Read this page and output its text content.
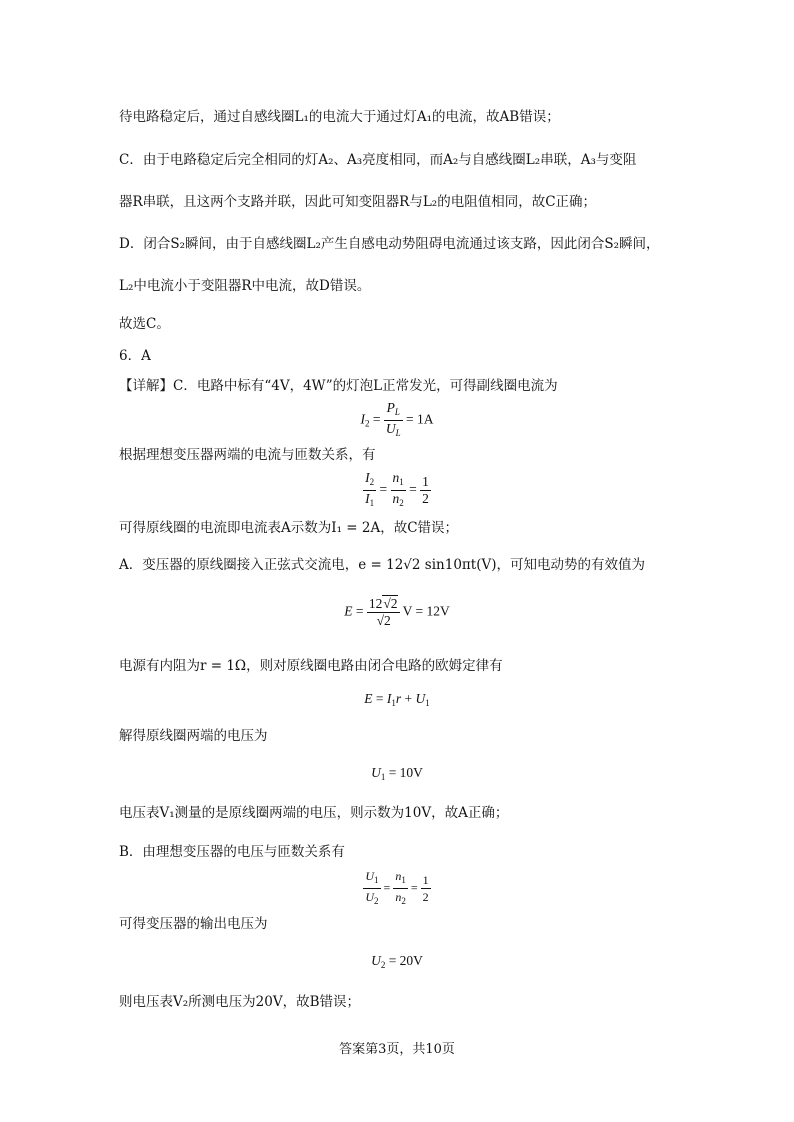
待电路稳定后，通过自感线圈L₁的电流大于通过灯A₁的电流，故AB错误；
C．由于电路稳定后完全相同的灯A₂、A₃亮度相同，而A₂与自感线圈L₂串联，A₃与变阻
器R串联，且这两个支路并联，因此可知变阻器R与L₂的电阻值相同，故C正确；
D．闭合S₂瞬间，由于自感线圈L₂产生自感电动势阻碍电流通过该支路，因此闭合S₂瞬间，
L₂中电流小于变阻器R中电流，故D错误。
故选C。
6．A
【详解】C．电路中标有“4V，4W”的灯泡L正常发光，可得副线圈电流为
$I_2 = \frac{P_L}{U_L} = 1A$
根据理想变压器两端的电流与匝数关系，有
$\frac{I_2}{I_1} = \frac{n_1}{n_2} = \frac{1}{2}$
可得原线圈的电流即电流表A示数为I₁ = 2A，故C错误；
A．变压器的原线圈接入正弦式交流电，e = 12√2 sin10πt(V)，可知电动势的有效值为
$E = \frac{12√2}{√2}$ V = 12V
电源有内阻为r = 1Ω，则对原线圈电路由闭合电路的欧姆定律有
$E = I_1r + U_1$
解得原线圈两端的电压为
$U_1 = 10V$
电压表V₁测量的是原线圈两端的电压，则示数为10V，故A正确；
B．由理想变压器的电压与匝数关系有
$\frac{U_1}{U_2} = \frac{n_1}{n_2} = \frac{1}{2}$
可得变压器的输出电压为
$U_2 = 20V$
则电压表V₂所测电压为20V，故B错误；
答案第3页，共10页
